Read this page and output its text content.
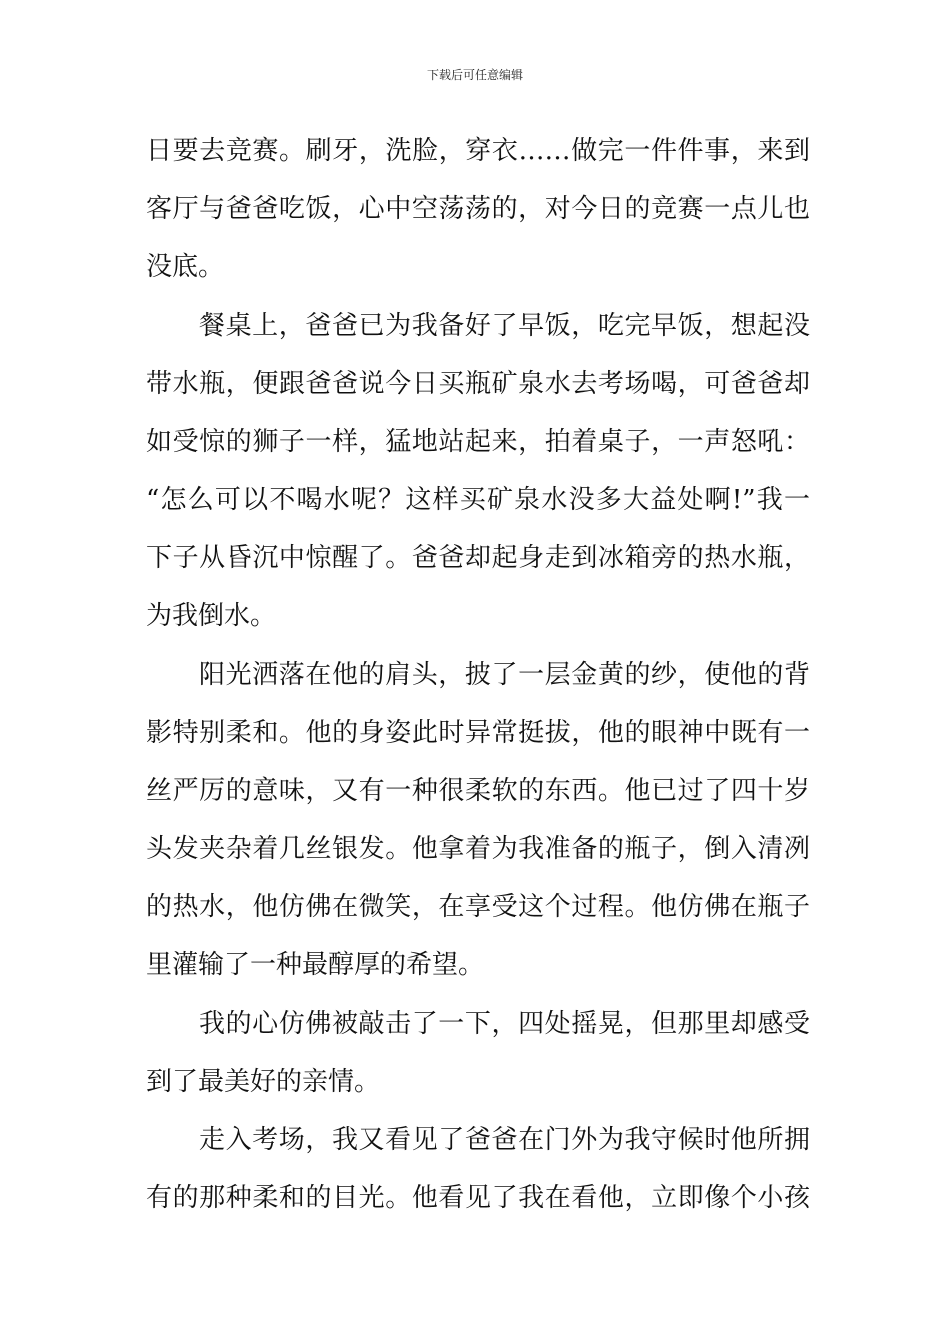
下载后可任意编辑
日要去竞赛。刷牙，洗脸，穿衣……做完一件件事，来到
客厅与爸爸吃饭，心中空荡荡的，对今日的竞赛一点儿也
没底。
餐桌上，爸爸已为我备好了早饭，吃完早饭，想起没
带水瓶，便跟爸爸说今日买瓶矿泉水去考场喝，可爸爸却
如受惊的狮子一样，猛地站起来，拍着桌子，一声怒吼：
“怎么可以不喝水呢？这样买矿泉水没多大益处啊!”我一
下子从昏沉中惊醒了。爸爸却起身走到冰箱旁的热水瓶，
为我倒水。
阳光洒落在他的肩头，披了一层金黄的纱，使他的背
影特别柔和。他的身姿此时异常挺拔，他的眼神中既有一
丝严厉的意味，又有一种很柔软的东西。他已过了四十岁
头发夹杂着几丝银发。他拿着为我准备的瓶子，倒入清冽
的热水，他仿佛在微笑，在享受这个过程。他仿佛在瓶子
里灌输了一种最醇厚的希望。
我的心仿佛被敲击了一下，四处摇晃，但那里却感受
到了最美好的亲情。
走入考场，我又看见了爸爸在门外为我守候时他所拥
有的那种柔和的目光。他看见了我在看他，立即像个小孩
